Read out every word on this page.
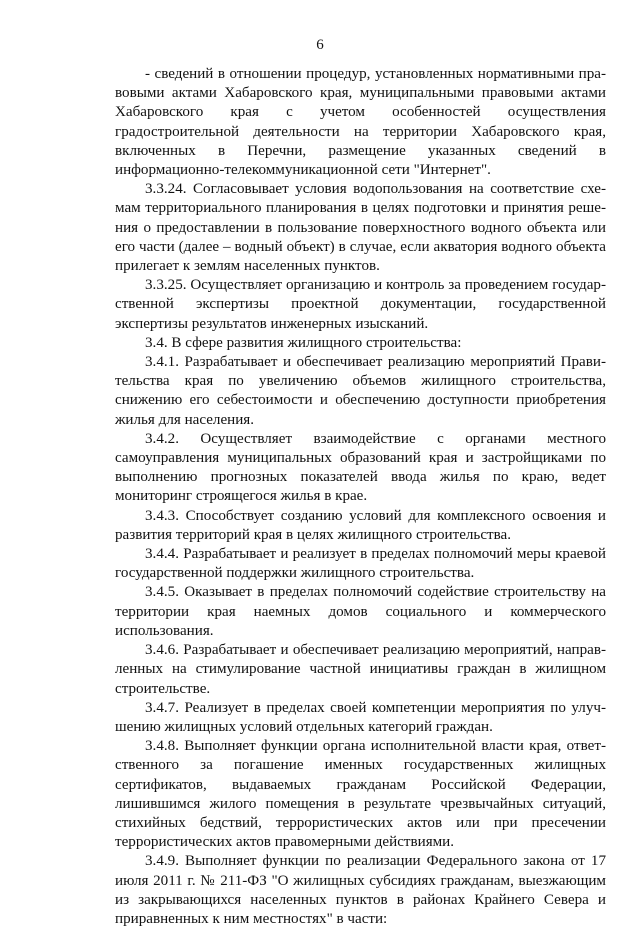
6

- сведений в отношении процедур, установленных нормативными правовыми актами Хабаровского края, муниципальными правовыми актами Хабаровского края с учетом особенностей осуществления градостроительной деятельности на территории Хабаровского края, включенных в Перечни, размещение указанных сведений в информационно-телекоммуникационной сети "Интернет".

3.3.24. Согласовывает условия водопользования на соответствие схемам территориального планирования в целях подготовки и принятия решения о предоставлении в пользование поверхностного водного объекта или его части (далее – водный объект) в случае, если акватория водного объекта прилегает к землям населенных пунктов.

3.3.25. Осуществляет организацию и контроль за проведением государственной экспертизы проектной документации, государственной экспертизы результатов инженерных изысканий.

3.4. В сфере развития жилищного строительства:

3.4.1. Разрабатывает и обеспечивает реализацию мероприятий Правительства края по увеличению объемов жилищного строительства, снижению его себестоимости и обеспечению доступности приобретения жилья для населения.

3.4.2. Осуществляет взаимодействие с органами местного самоуправления муниципальных образований края и застройщиками по выполнению прогнозных показателей ввода жилья по краю, ведет мониторинг строящегося жилья в крае.

3.4.3. Способствует созданию условий для комплексного освоения и развития территорий края в целях жилищного строительства.

3.4.4. Разрабатывает и реализует в пределах полномочий меры краевой государственной поддержки жилищного строительства.

3.4.5. Оказывает в пределах полномочий содействие строительству на территории края наемных домов социального и коммерческого использования.

3.4.6. Разрабатывает и обеспечивает реализацию мероприятий, направленных на стимулирование частной инициативы граждан в жилищном строительстве.

3.4.7. Реализует в пределах своей компетенции мероприятия по улучшению жилищных условий отдельных категорий граждан.

3.4.8. Выполняет функции органа исполнительной власти края, ответственного за погашение именных государственных жилищных сертификатов, выдаваемых гражданам Российской Федерации, лишившимся жилого помещения в результате чрезвычайных ситуаций, стихийных бедствий, террористических актов или при пресечении террористических актов правомерными действиями.

3.4.9. Выполняет функции по реализации Федерального закона от 17 июля 2011 г. № 211-ФЗ "О жилищных субсидиях гражданам, выезжающим из закрывающихся населенных пунктов в районах Крайнего Севера и приравненных к ним местностях" в части:
